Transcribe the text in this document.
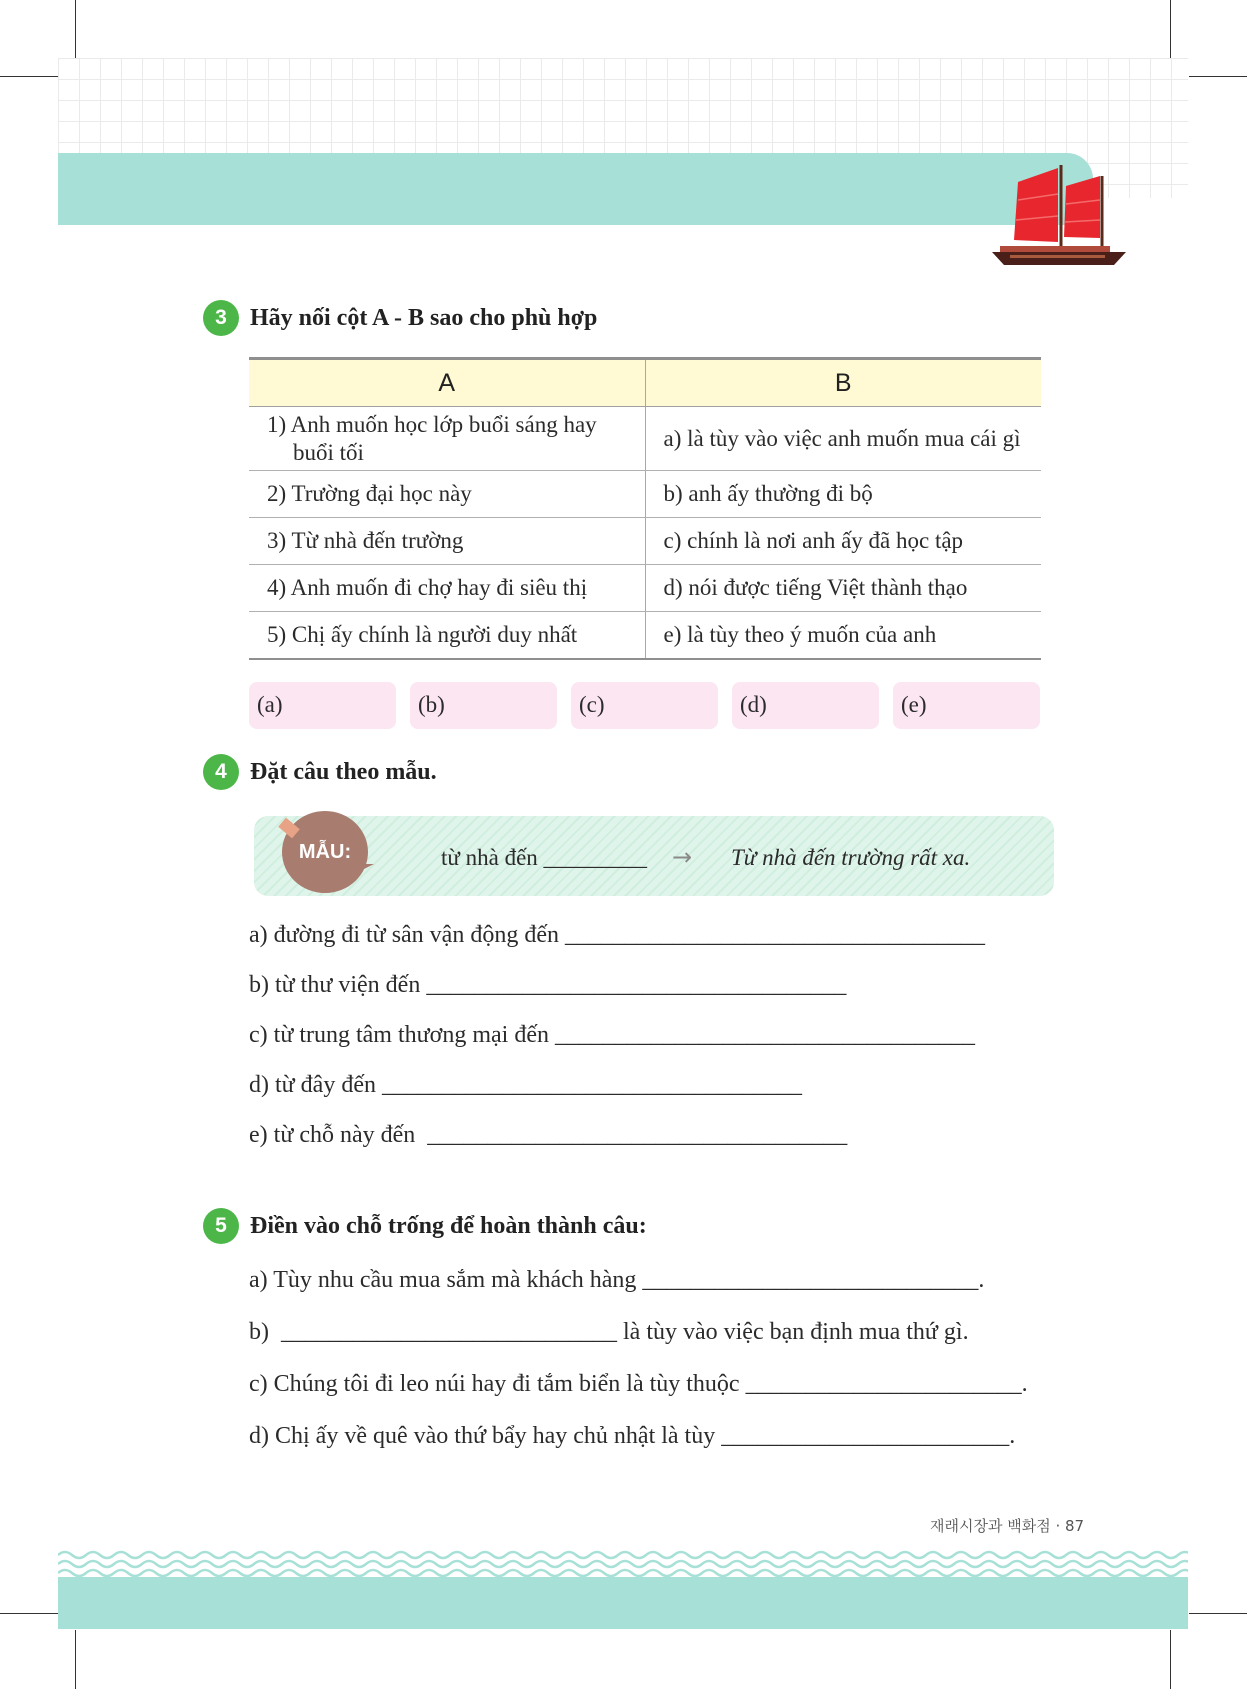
3 Hãy nối cột A - B sao cho phù hợp
A	B

1) Anh muốn học lớp buổi sáng hay buổi tối	a) là tùy vào việc anh muốn mua cái gì
2) Trường đại học này	b) anh ấy thường đi bộ
3) Từ nhà đến trường	c) chính là nơi anh ấy đã học tập
4) Anh muốn đi chợ hay đi siêu thị	d) nói được tiếng Việt thành thạo
5) Chị ấy chính là người duy nhất	e) là tùy theo ý muốn của anh
(a)	(b)	(c)	(d)	(e)
4 Đặt câu theo mẫu.
MẪU:	từ nhà đến _________ → Từ nhà đến trường rất xa.
a) đường đi từ sân vận động đến ___________________________________
b) từ thư viện đến ___________________________________
c) từ trung tâm thương mại đến ___________________________________
d) từ đây đến ___________________________________
e) từ chỗ này đến  ___________________________________
5 Điền vào chỗ trống để hoàn thành câu:
a) Tùy nhu cầu mua sắm mà khách hàng ____________________________.
b)  ____________________________ là tùy vào việc bạn định mua thứ gì.
c) Chúng tôi đi leo núi hay đi tắm biển là tùy thuộc _______________________.
d) Chị ấy về quê vào thứ bẩy hay chủ nhật là tùy ________________________.
재래시장과 백화점 · 87
